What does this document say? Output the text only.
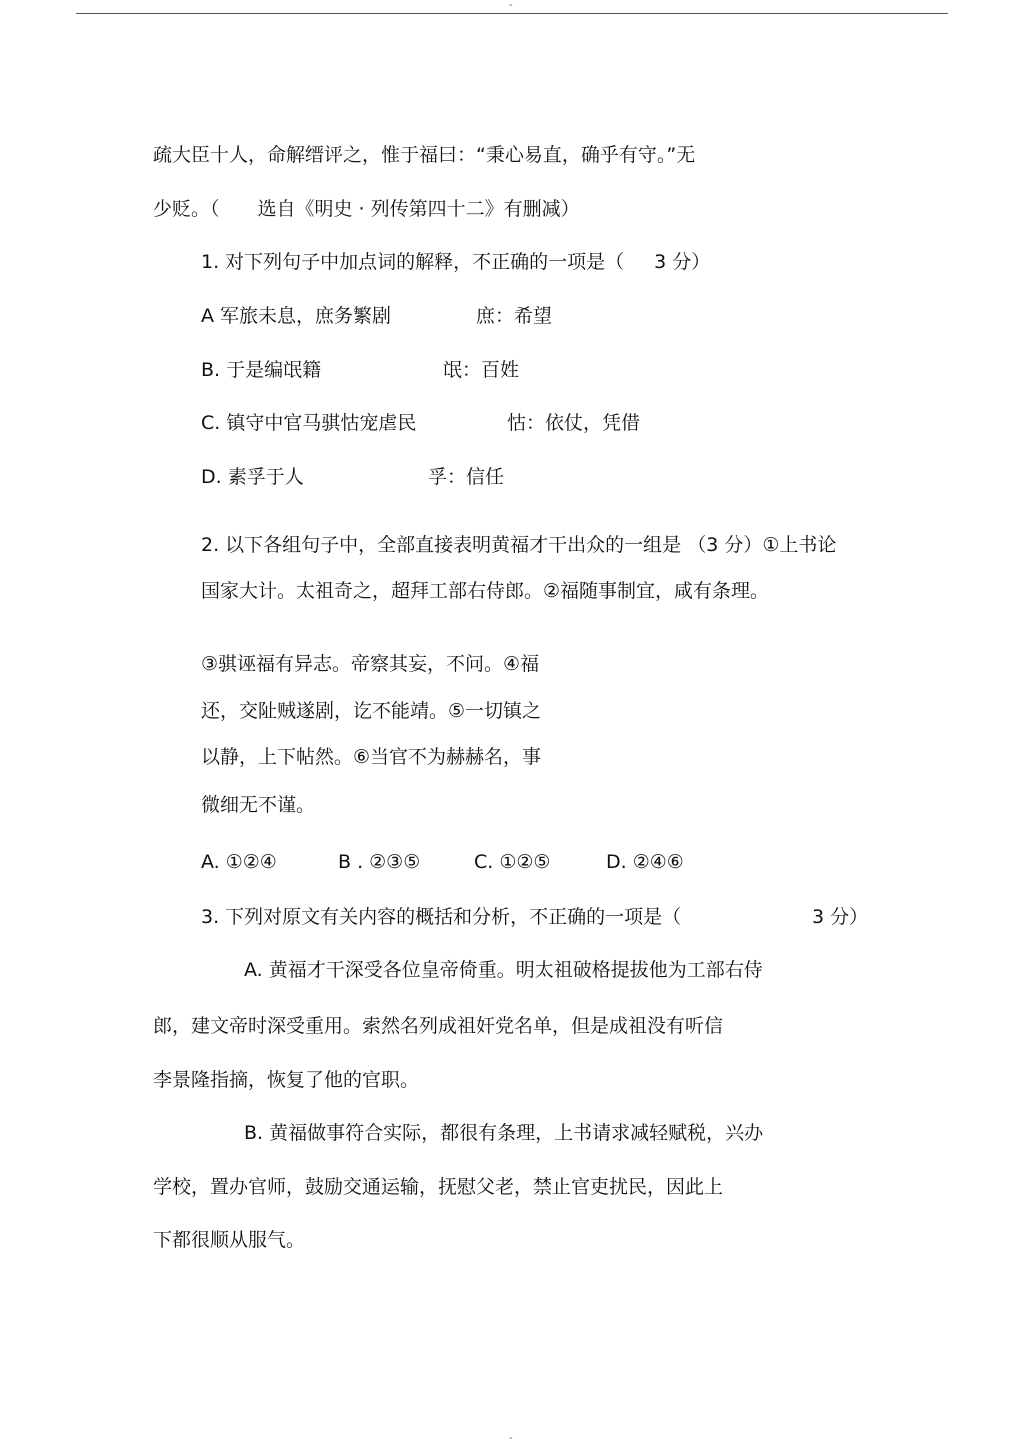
-
疏大臣十人，命解缙评之，惟于福曰：“秉心易直，确乎有守。”无
少贬。（ 选自《明史 · 列传第四十二》有删减）
1. 对下列句子中加点词的解释，不正确的一项是（ 3 分）
A 军旅未息，庶务繁剧	庶：希望
B. 于是编氓籍	氓：百姓
C. 镇守中官马骐怙宠虐民	怙：依仗，凭借
D. 素孚于人	孚：信任
2. 以下各组句子中，全部直接表明黄福才干出众的一组是 （3 分）①上书论
国家大计。太祖奇之，超拜工部右侍郎。②福随事制宜，咸有条理。
③骐诬福有异志。帝察其妄，不问。④福
还，交阯贼遂剧，讫不能靖。⑤一切镇之
以静，上下帖然。⑥当官不为赫赫名，事
微细无不谨。
A. ①②④	B . ②③⑤	C. ①②⑤	D. ②④⑥
3. 下列对原文有关内容的概括和分析，不正确的一项是（	3 分）
A. 黄福才干深受各位皇帝倚重。明太祖破格提拔他为工部右侍
郎，建文帝时深受重用。索然名列成祖奸党名单，但是成祖没有听信
李景隆指摘，恢复了他的官职。
B. 黄福做事符合实际，都很有条理，上书请求减轻赋税，兴办
学校，置办官师，鼓励交通运输，抚慰父老，禁止官吏扰民，因此上
下都很顺从服气。
-
